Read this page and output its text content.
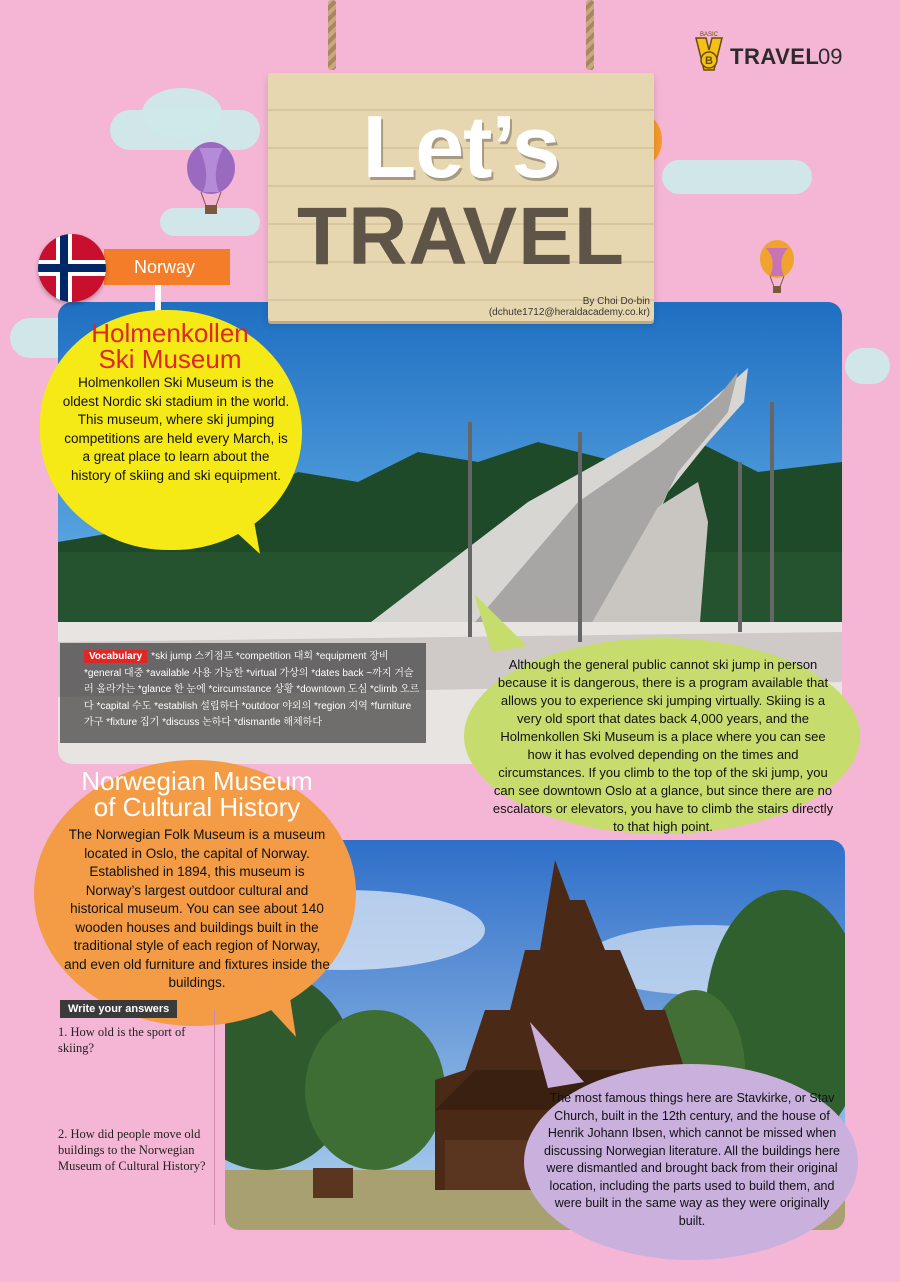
B
BASIC
TRAVEL
09
Let’s
TRAVEL
By Choi Do-bin (dchute1712@heraldacademy.co.kr)
Norway
Holmenkollen Ski Museum
Holmenkollen Ski Museum is the oldest Nordic ski stadium in the world. This museum, where ski jumping competitions are held every March, is a great place to learn about the history of skiing and ski equipment.
Vocabulary *ski jump 스키점프 *competition 대회 *equipment 장비 *general 대중 *available 사용 가능한 *virtual 가상의 *dates back ~까지 거슬러 올라가는 *glance 한 눈에 *circumstance 상황 *downtown 도심 *climb 오르다 *capital 수도 *establish 설립하다 *outdoor 야외의 *region 지역 *furniture 가구 *fixture 집기 *discuss 논하다 *dismantle 해체하다
Although the general public cannot ski jump in person because it is dangerous, there is a program available that allows you to experience ski jumping virtually. Skiing is a very old sport that dates back 4,000 years, and the Holmenkollen Ski Museum is a place where you can see how it has evolved depending on the times and circumstances. If you climb to the top of the ski jump, you can see downtown Oslo at a glance, but since there are no escalators or elevators, you have to climb the stairs directly to that high point.
Norwegian Museum of Cultural History
The Norwegian Folk Museum is a museum located in Oslo, the capital of Norway. Established in 1894, this museum is Norway’s largest outdoor cultural and historical museum. You can see about 140 wooden houses and buildings built in the traditional style of each region of Norway, and even old furniture and fixtures inside the buildings.
The most famous things here are Stavkirke, or Stav Church, built in the 12th century, and the house of Henrik Johann Ibsen, which cannot be missed when discussing Norwegian literature. All the buildings here were dismantled and brought back from their original location, including the parts used to build them, and were built in the same way as they were originally built.
Write your answers
1. How old is the sport of skiing?
2. How did people move old buildings to the Norwegian Museum of Cultural History?
